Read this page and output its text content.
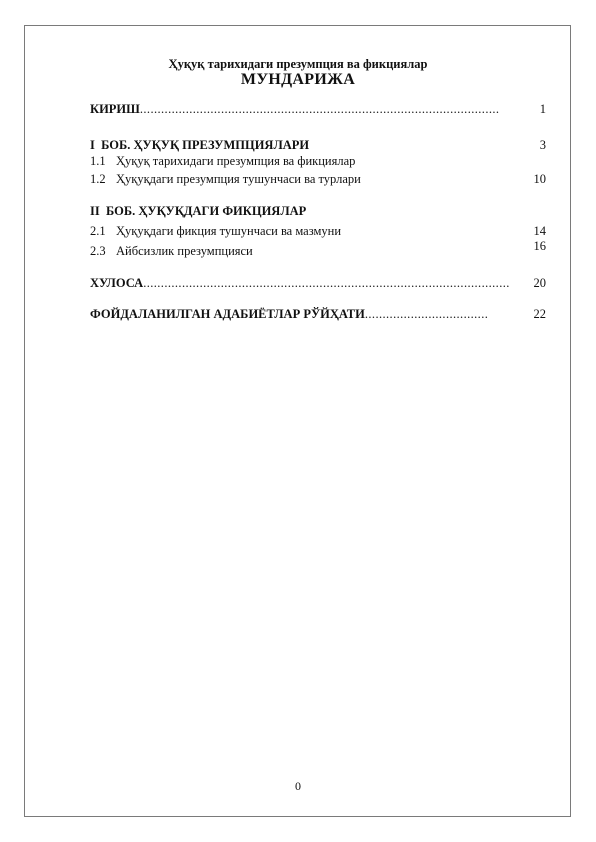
Ҳуқуқ тарихидаги презумпция ва фикциялар
МУНДАРИЖА
КИРИШ......................................................................................................	1
I  БОБ. ҲУҚУҚ ПРЕЗУМПЦИЯЛАРИ	3
1.1 Ҳуқуқ тарихидаги презумпция ва фикциялар
1.2 Ҳуқуқдаги презумпция тушунчаси ва турлари	10
II  БОБ. ҲУҚУҚДАГИ ФИКЦИЯЛАР
2.1 Ҳуқуқдаги фикция тушунчаси ва мазмуни	14
2.3 Айбсизлик презумпцияси	16
ХУЛОСА........................................................................................................ 20
ФОЙДАЛАНИЛГАН АДАБИЁТЛАР РЎЙҲАТИ...................................	22
0
